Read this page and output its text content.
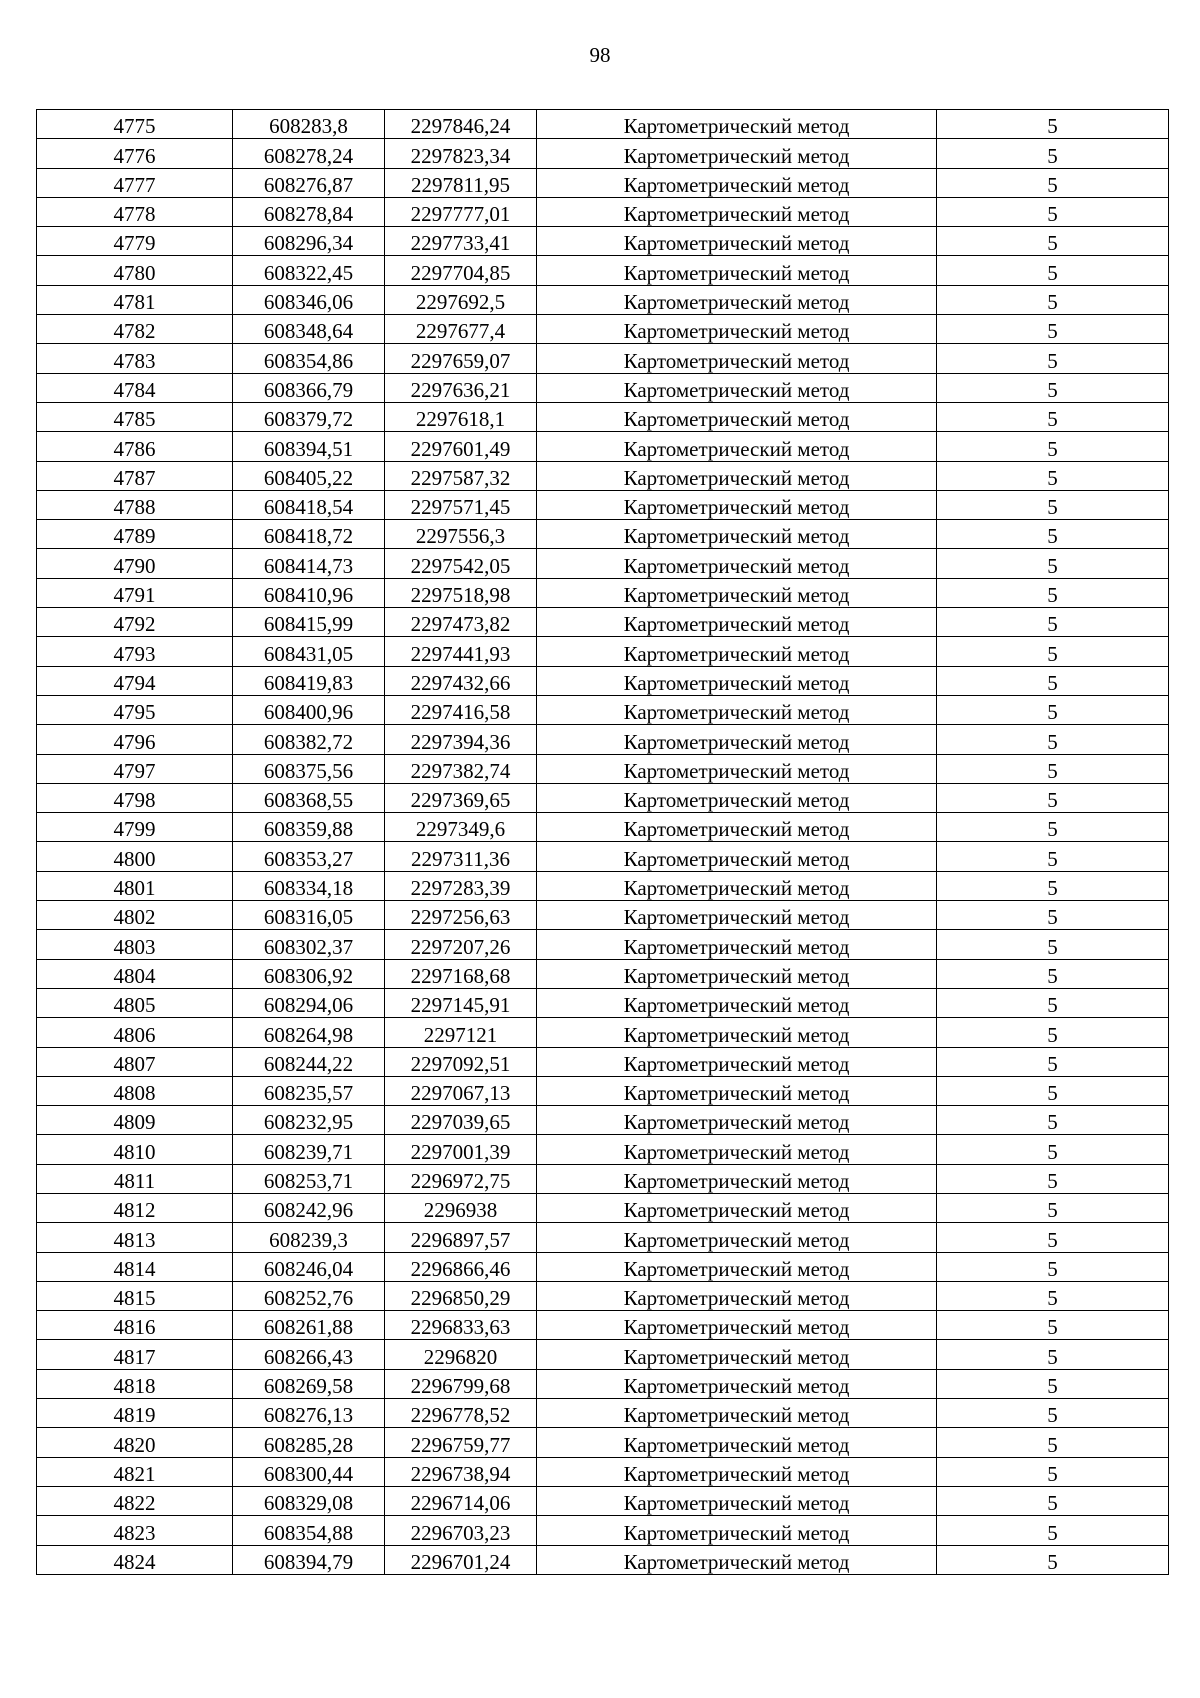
98
4775	608283,8	2297846,24	Картометрический метод	5
4776	608278,24	2297823,34	Картометрический метод	5
4777	608276,87	2297811,95	Картометрический метод	5
4778	608278,84	2297777,01	Картометрический метод	5
4779	608296,34	2297733,41	Картометрический метод	5
4780	608322,45	2297704,85	Картометрический метод	5
4781	608346,06	2297692,5	Картометрический метод	5
4782	608348,64	2297677,4	Картометрический метод	5
4783	608354,86	2297659,07	Картометрический метод	5
4784	608366,79	2297636,21	Картометрический метод	5
4785	608379,72	2297618,1	Картометрический метод	5
4786	608394,51	2297601,49	Картометрический метод	5
4787	608405,22	2297587,32	Картометрический метод	5
4788	608418,54	2297571,45	Картометрический метод	5
4789	608418,72	2297556,3	Картометрический метод	5
4790	608414,73	2297542,05	Картометрический метод	5
4791	608410,96	2297518,98	Картометрический метод	5
4792	608415,99	2297473,82	Картометрический метод	5
4793	608431,05	2297441,93	Картометрический метод	5
4794	608419,83	2297432,66	Картометрический метод	5
4795	608400,96	2297416,58	Картометрический метод	5
4796	608382,72	2297394,36	Картометрический метод	5
4797	608375,56	2297382,74	Картометрический метод	5
4798	608368,55	2297369,65	Картометрический метод	5
4799	608359,88	2297349,6	Картометрический метод	5
4800	608353,27	2297311,36	Картометрический метод	5
4801	608334,18	2297283,39	Картометрический метод	5
4802	608316,05	2297256,63	Картометрический метод	5
4803	608302,37	2297207,26	Картометрический метод	5
4804	608306,92	2297168,68	Картометрический метод	5
4805	608294,06	2297145,91	Картометрический метод	5
4806	608264,98	2297121	Картометрический метод	5
4807	608244,22	2297092,51	Картометрический метод	5
4808	608235,57	2297067,13	Картометрический метод	5
4809	608232,95	2297039,65	Картометрический метод	5
4810	608239,71	2297001,39	Картометрический метод	5
4811	608253,71	2296972,75	Картометрический метод	5
4812	608242,96	2296938	Картометрический метод	5
4813	608239,3	2296897,57	Картометрический метод	5
4814	608246,04	2296866,46	Картометрический метод	5
4815	608252,76	2296850,29	Картометрический метод	5
4816	608261,88	2296833,63	Картометрический метод	5
4817	608266,43	2296820	Картометрический метод	5
4818	608269,58	2296799,68	Картометрический метод	5
4819	608276,13	2296778,52	Картометрический метод	5
4820	608285,28	2296759,77	Картометрический метод	5
4821	608300,44	2296738,94	Картометрический метод	5
4822	608329,08	2296714,06	Картометрический метод	5
4823	608354,88	2296703,23	Картометрический метод	5
4824	608394,79	2296701,24	Картометрический метод	5
